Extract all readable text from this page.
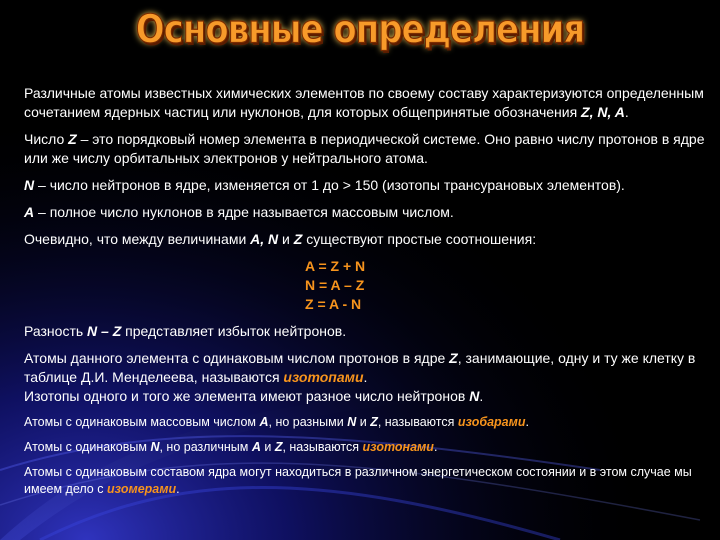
Основные определения

Различные атомы известных химических элементов по своему составу характеризуются определенным сочетанием ядерных частиц или нуклонов, для которых общепринятые обозначения Z, N, A.

Число Z – это порядковый номер элемента в периодической системе. Оно равно числу протонов в ядре или же числу орбитальных электронов у нейтрального атома.

N – число нейтронов в ядре, изменяется от 1 до > 150 (изотопы трансурановых элементов).

A – полное число нуклонов в ядре называется массовым числом.

Очевидно, что между величинами A, N и Z существуют простые соотношения:

A = Z + N
N = A – Z
Z = A - N

Разность N – Z представляет избыток нейтронов.

Атомы данного элемента с одинаковым числом протонов в ядре Z, занимающие, одну и ту же клетку в таблице Д.И. Менделеева, называются изотопами.
Изотопы одного и того же элемента имеют разное число нейтронов N.

Атомы с одинаковым массовым числом A, но разными N и Z, называются изобарами.

Атомы с одинаковым N, но различным A и Z, называются изотонами.

Атомы с одинаковым составом ядра могут находиться в различном энергетическом состоянии и в этом случае мы имеем дело с изомерами.
